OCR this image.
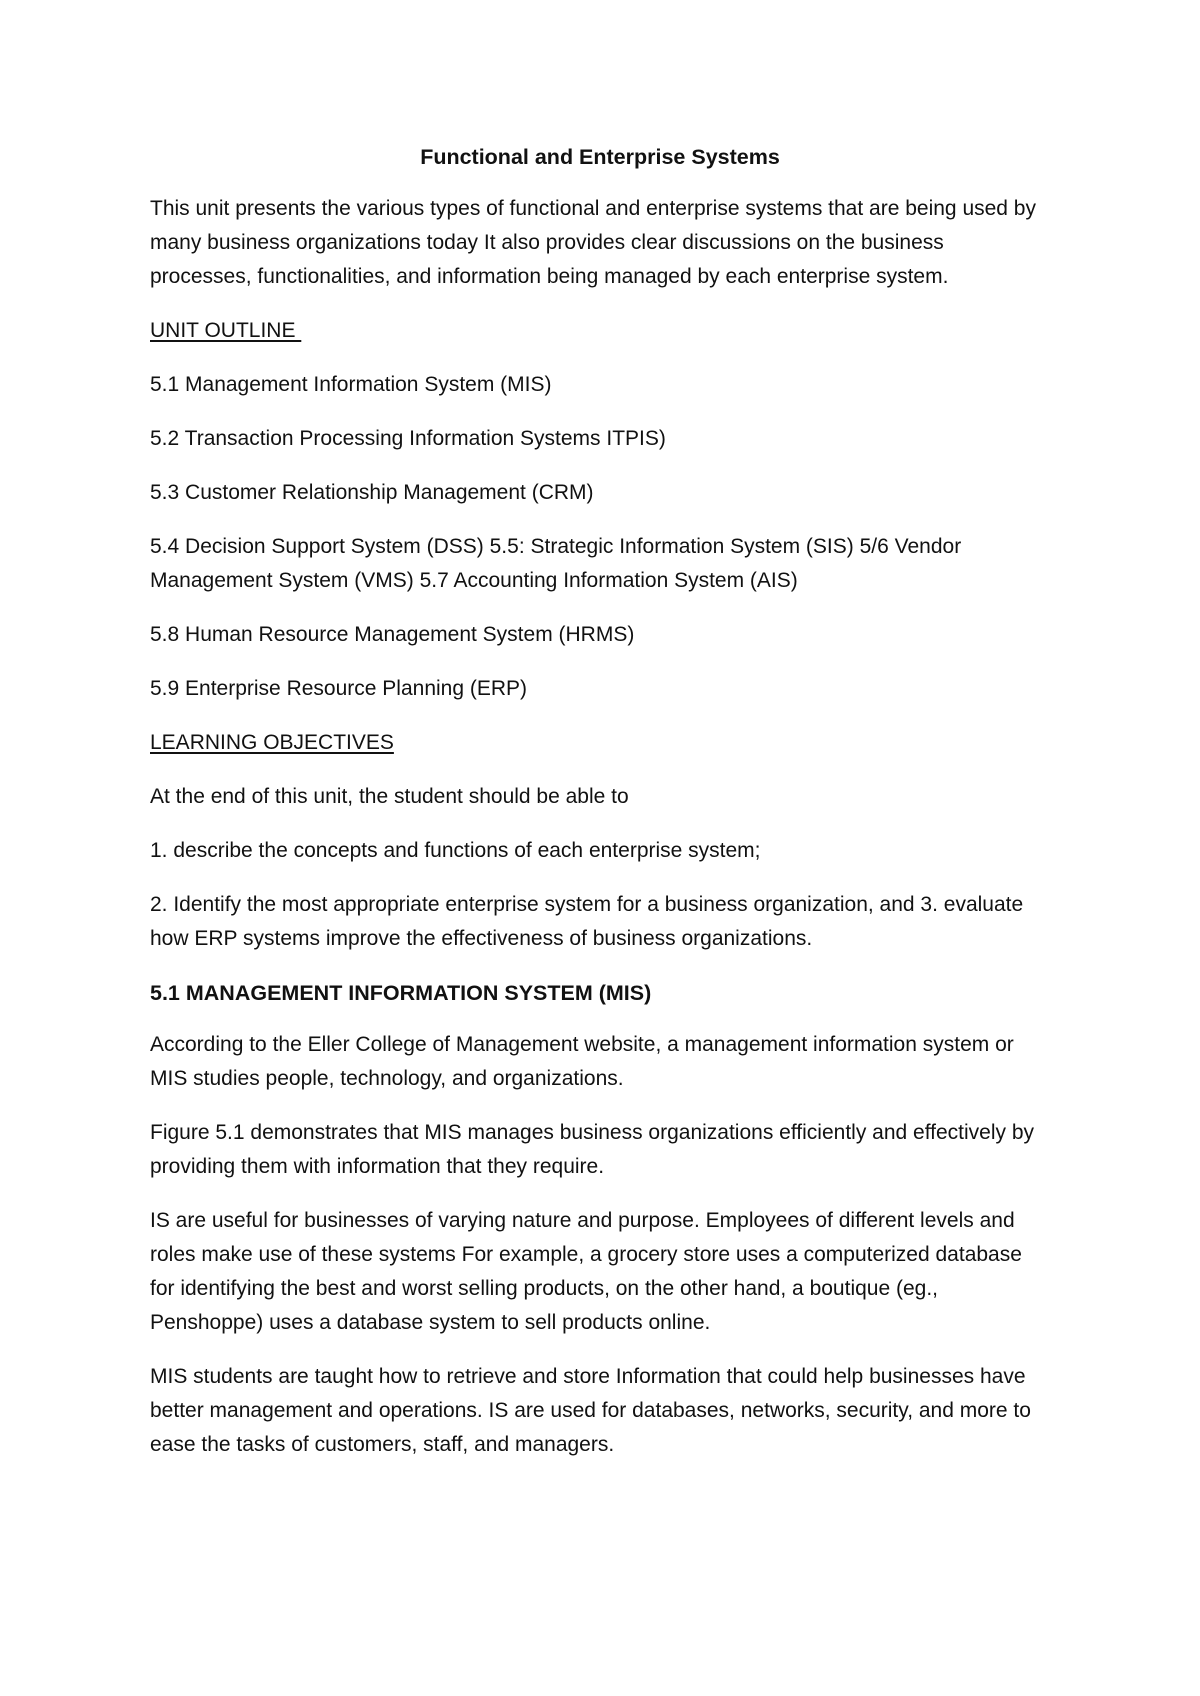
Functional and Enterprise Systems

This unit presents the various types of functional and enterprise systems that are being used by many business organizations today It also provides clear discussions on the business processes, functionalities, and information being managed by each enterprise system.

UNIT OUTLINE

5.1 Management Information System (MIS)

5.2 Transaction Processing Information Systems ITPIS)

5.3 Customer Relationship Management (CRM)

5.4 Decision Support System (DSS) 5.5: Strategic Information System (SIS) 5/6 Vendor Management System (VMS) 5.7 Accounting Information System (AIS)

5.8 Human Resource Management System (HRMS)

5.9 Enterprise Resource Planning (ERP)

LEARNING OBJECTIVES

At the end of this unit, the student should be able to

1. describe the concepts and functions of each enterprise system;

2. Identify the most appropriate enterprise system for a business organization, and 3. evaluate how ERP systems improve the effectiveness of business organizations.

5.1 MANAGEMENT INFORMATION SYSTEM (MIS)

According to the Eller College of Management website, a management information system or MIS studies people, technology, and organizations.

Figure 5.1 demonstrates that MIS manages business organizations efficiently and effectively by providing them with information that they require.

IS are useful for businesses of varying nature and purpose. Employees of different levels and roles make use of these systems For example, a grocery store uses a computerized database for identifying the best and worst selling products, on the other hand, a boutique (eg., Penshoppe) uses a database system to sell products online.

MIS students are taught how to retrieve and store Information that could help businesses have better management and operations. IS are used for databases, networks, security, and more to ease the tasks of customers, staff, and managers.
